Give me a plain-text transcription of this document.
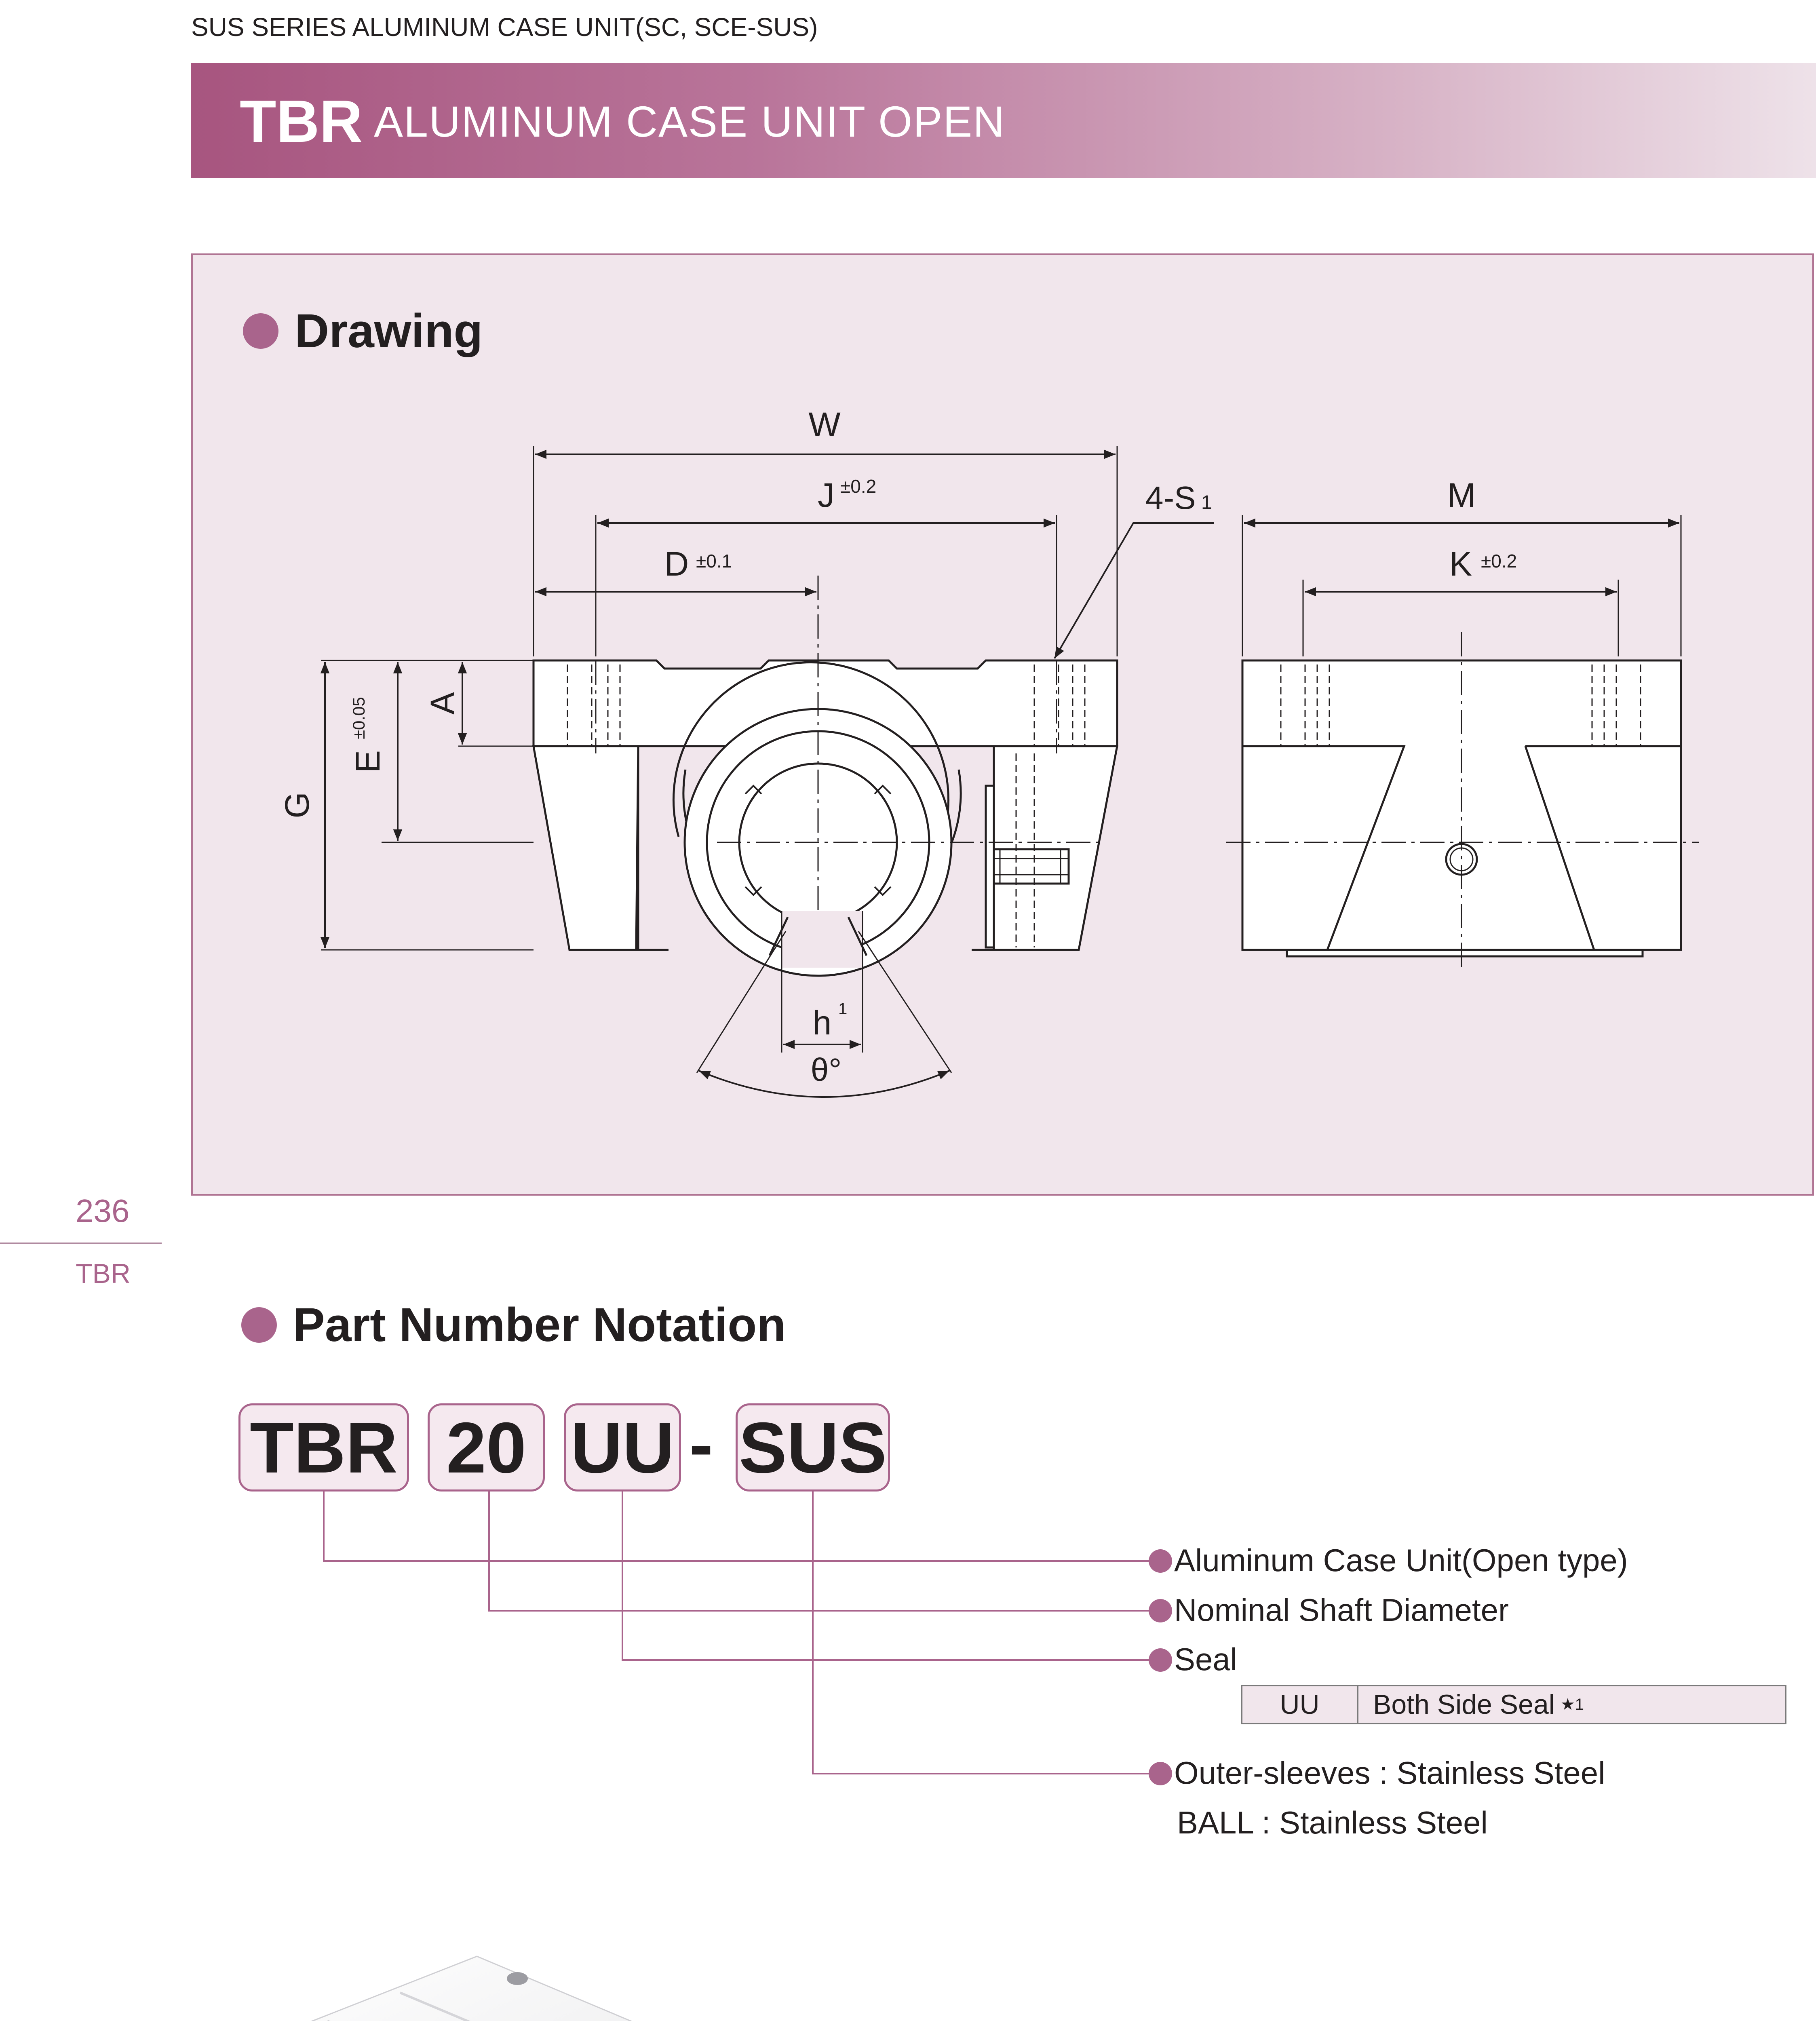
SUS SERIES ALUMINUM CASE UNIT(SC, SCE-SUS)
TBR ALUMINUM CASE UNIT OPEN
Drawing
W
J ±0.2
D ±0.1
4-S 1	M
K ±0.2
A
E
±0.05
G
h 1
θ°
236
TBR
Part Number Notation
TBR 20 UU - SUS
Aluminum Case Unit(Open type)
Nominal Shaft Diameter
Seal
UU	Both Side Seal ★1
Outer-sleeves : Stainless Steel
BALL : Stainless Steel
